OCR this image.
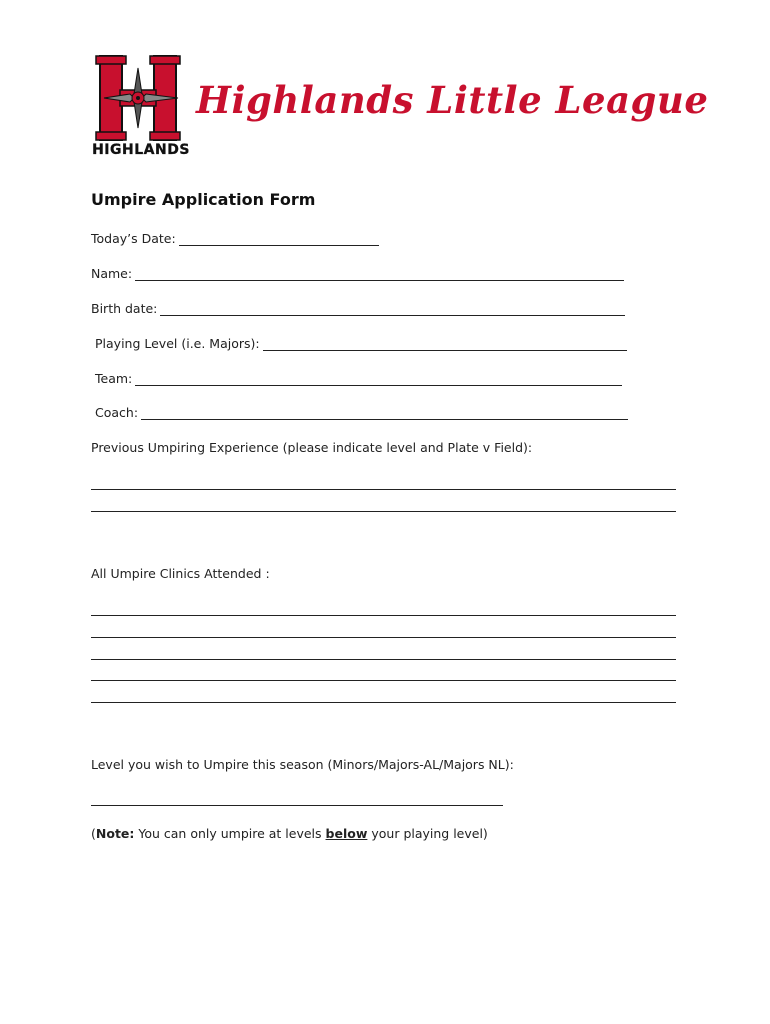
HIGHLANDS
Highlands Little League
Umpire Application Form
Today’s Date:
Name:
Birth date:
Playing Level (i.e. Majors):
Team:
Coach:
Previous Umpiring Experience (please indicate level and Plate v Field):
All Umpire Clinics Attended :
Level you wish to Umpire this season (Minors/Majors-AL/Majors NL):
(Note: You can only umpire at levels below your playing level)
